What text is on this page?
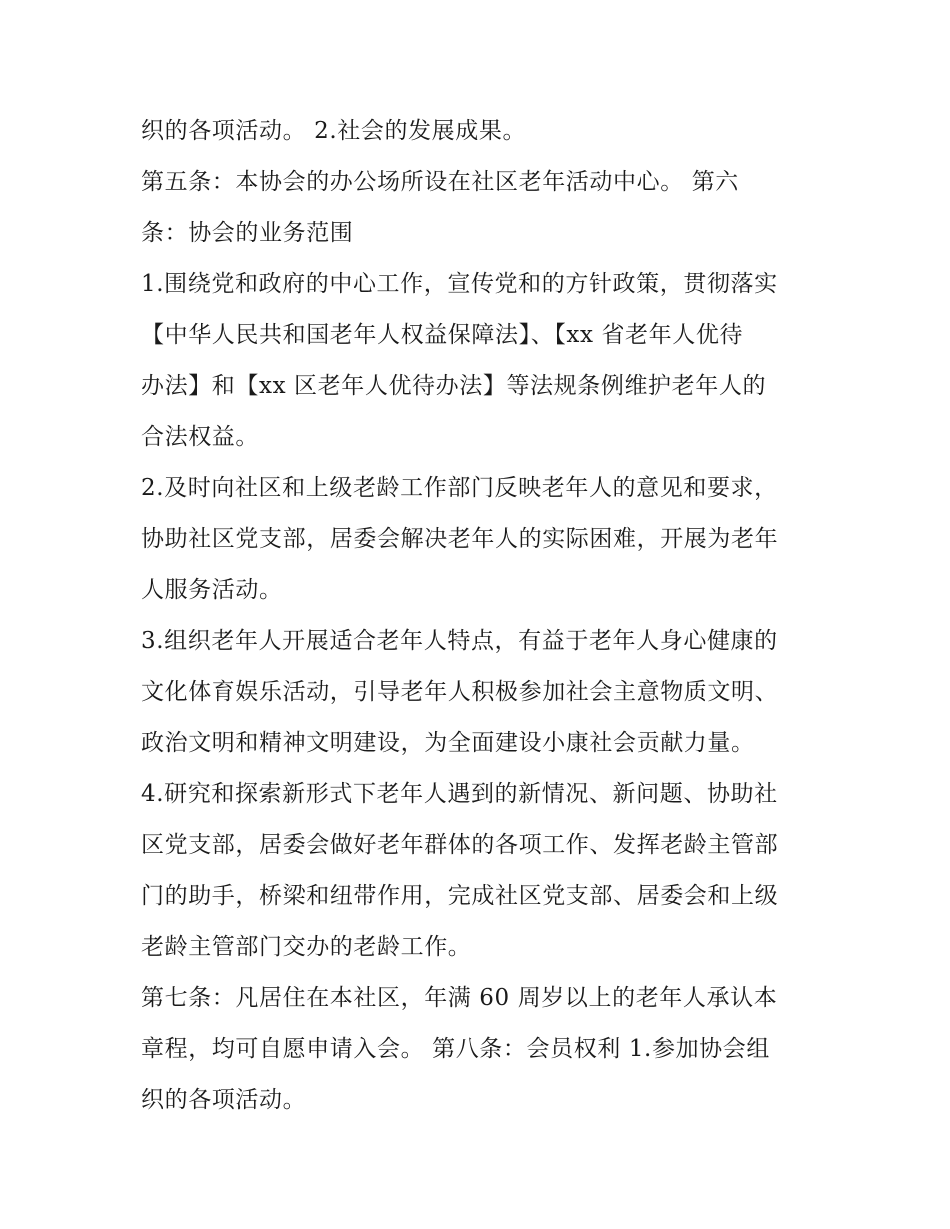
织的各项活动。 2.社会的发展成果。
第五条：本协会的办公场所设在社区老年活动中心。 第六
条：协会的业务范围
1.围绕党和政府的中心工作，宣传党和的方针政策，贯彻落实
【中华人民共和国老年人权益保障法】、【xx 省老年人优待
办法】和【xx 区老年人优待办法】等法规条例维护老年人的
合法权益。
2.及时向社区和上级老龄工作部门反映老年人的意见和要求，
协助社区党支部，居委会解决老年人的实际困难，开展为老年
人服务活动。
3.组织老年人开展适合老年人特点，有益于老年人身心健康的
文化体育娱乐活动，引导老年人积极参加社会主意物质文明、
政治文明和精神文明建设，为全面建设小康社会贡献力量。
4.研究和探索新形式下老年人遇到的新情况、新问题、协助社
区党支部，居委会做好老年群体的各项工作、发挥老龄主管部
门的助手，桥梁和纽带作用，完成社区党支部、居委会和上级
老龄主管部门交办的老龄工作。
第七条：凡居住在本社区，年满 60 周岁以上的老年人承认本
章程，均可自愿申请入会。 第八条：会员权利 1.参加协会组
织的各项活动。
